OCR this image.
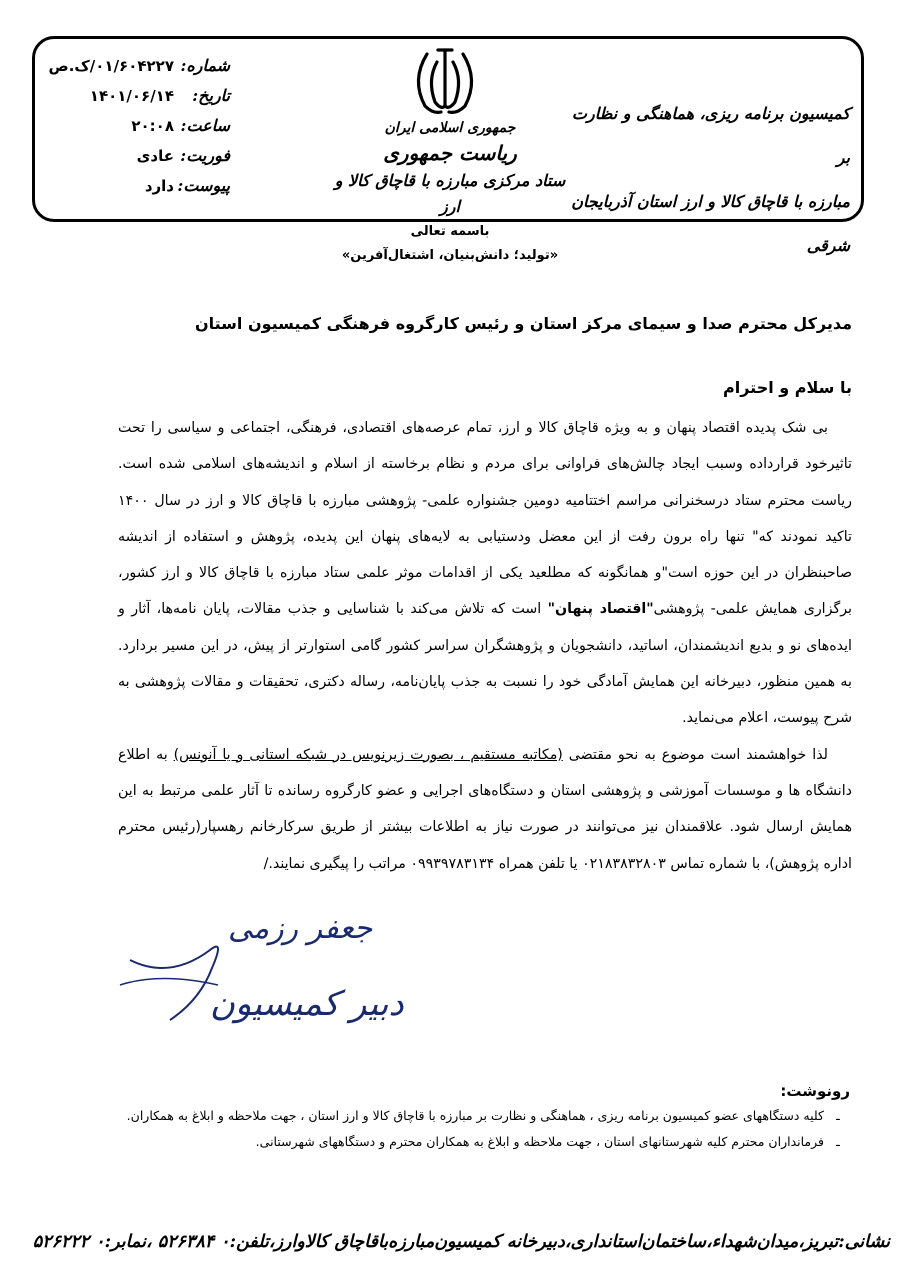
شماره:
۰۱/۶۰۴۲۲۷/ک.ص
تاریخ:
۱۴۰۱/۰۶/۱۴
ساعت:
۲۰:۰۸
فوریت:
عادی
پیوست:
دارد
جمهوری اسلامی ایران
ریاست جمهوری
ستاد مرکزی مبارزه با قاچاق کالا و ارز
کمیسیون برنامه ریزی، هماهنگی و نظارت بر
مبارزه با قاچاق کالا و ارز استان آذربایجان شرقی
باسمه تعالی
«تولید؛ دانش‌بنیان، اشتغال‌آفرین»
مدیرکل محترم صدا و سیمای مرکز استان و رئیس کارگروه فرهنگی کمیسیون استان
با سلام و احترام

بی شک پدیده اقتصاد پنهان و به ویژه قاچاق کالا و ارز، تمام عرصه‌های اقتصادی، فرهنگی، اجتماعی و سیاسی را تحت تاثیرخود قرارداده وسبب ایجاد چالش‌های فراوانی برای مردم و نظام برخاسته از اسلام و اندیشه‌های اسلامی شده است. ریاست محترم ستاد درسخنرانی مراسم اختتامیه دومین جشنواره علمی- پژوهشی مبارزه با قاچاق کالا و ارز در سال ۱۴۰۰ تاکید نمودند که" تنها راه برون رفت از این معضل ودستیابی به لایه‌های پنهان این پدیده، پژوهش و استفاده از اندیشه صاحبنظران در این حوزه است"و همانگونه که مطلعید یکی از اقدامات موثر علمی ستاد مبارزه با قاچاق کالا و ارز کشور، برگزاری همایش علمی- پژوهشی"اقتصاد پنهان" است که تلاش می‌کند با شناسایی و جذب مقالات، پایان نامه‌ها، آثار و ایده‌های نو و بدیع اندیشمندان، اساتید، دانشجویان و پژوهشگران سراسر کشور گامی استوارتر از پیش، در این مسیر بردارد. به همین منظور، دبیرخانه این همایش آمادگی خود را نسبت به جذب پایان‌نامه، رساله دکتری، تحقیقات و مقالات پژوهشی به شرح پیوست، اعلام می‌نماید.

لذا خواهشمند است موضوع به نحو مقتضی (مکاتبه مستقیم ، بصورت زیرنویس در شبکه استانی و یا آنونس) به اطلاع دانشگاه ها و موسسات آموزشی و پژوهشی استان و دستگاه‌های اجرایی و عضو کارگروه رسانده تا آثار علمی مرتبط به این همایش ارسال شود. علاقمندان نیز می‌توانند در صورت نیاز به اطلاعات بیشتر از طریق سرکارخانم رهسپار(رئیس محترم اداره پژوهش)، با شماره تماس ۰۲۱۸۳۸۳۲۸۰۳ یا تلفن همراه ۰۹۹۳۹۷۸۳۱۳۴ مراتب را پیگیری نمایند./

جعفر رزمی
دبیر کمیسیون
رونوشت:
ـ
کلیه دستگاههای عضو کمیسیون برنامه ریزی ، هماهنگی و نظارت بر مبارزه با قاچاق کالا و ارز استان ، جهت ملاحظه و ابلاغ به همکاران.
ـ
فرمانداران محترم کلیه شهرستانهای استان ، جهت ملاحظه و ابلاغ به همکاران محترم و دستگاههای شهرستانی.
نشانی:تبریز،میدان‌شهداء،ساختمان‌استانداری،دبیرخانه کمیسیون‌مبارزه‌باقاچاق کالاوارز،تلفن:۰ ۵۲۶۳۸۴ ،نمابر:۰ ۵۲۶۲۲۲
